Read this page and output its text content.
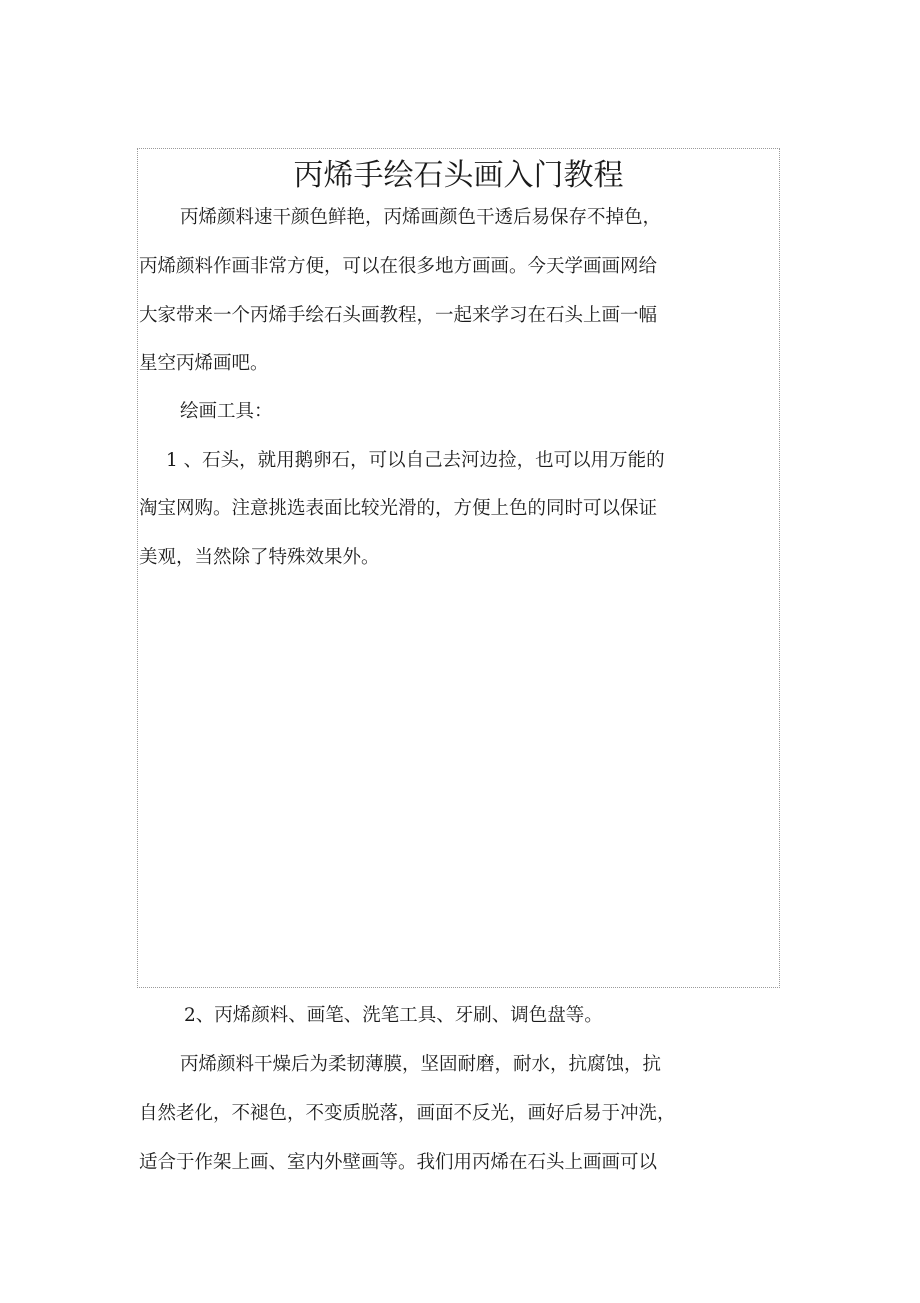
丙烯手绘石头画入门教程

丙烯颜料速干颜色鲜艳，丙烯画颜色干透后易保存不掉色，

丙烯颜料作画非常方便，可以在很多地方画画。今天学画画网给

大家带来一个丙烯手绘石头画教程，一起来学习在石头上画一幅

星空丙烯画吧。

绘画工具：

1 、石头，就用鹅卵石，可以自己去河边捡，也可以用万能的

淘宝网购。注意挑选表面比较光滑的，方便上色的同时可以保证

美观，当然除了特殊效果外。

2、丙烯颜料、画笔、洗笔工具、牙刷、调色盘等。

丙烯颜料干燥后为柔韧薄膜，坚固耐磨，耐水，抗腐蚀，抗

自然老化，不褪色，不变质脱落，画面不反光，画好后易于冲洗，

适合于作架上画、室内外壁画等。我们用丙烯在石头上画画可以
